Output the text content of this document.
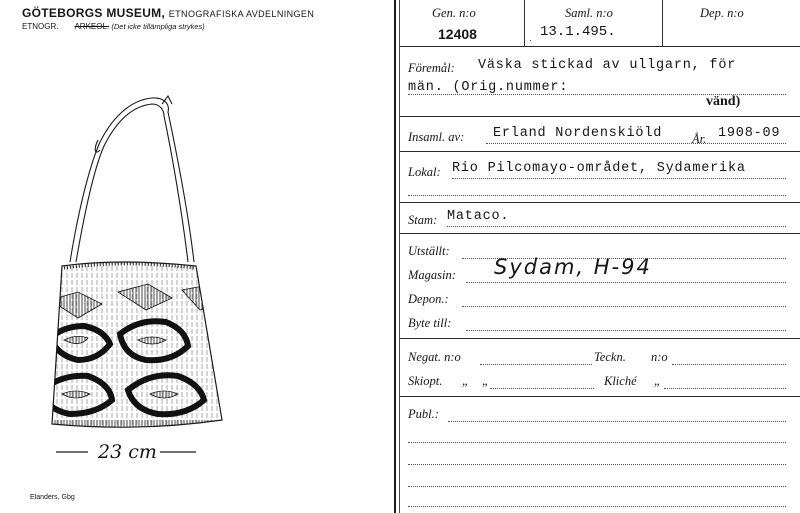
GÖTEBORGS MUSEUM, ETNOGRAFISKA AVDELNINGEN
ETNOGR. ARKEOL. (Det icke tillämpliga strykes)
23 cm
Elanders, Gbg
Gen. n:o
12408
Saml. n:o
13.1.495.
Dep. n:o
Föremål: Väska stickad av ullgarn, för
män. (Orig.nummer:
vänd)
Insaml. av: Erland Nordenskiöld År. 1908-09
Lokal: Rio Pilcomayo-området, Sydamerika
Stam: Mataco.
Utställt:
Magasin: Sydam, H-94
Depon.:
Byte till:
Negat. n:o	Teckn. n:o
Skiopt. „ „	Kliché „
Publ.:
